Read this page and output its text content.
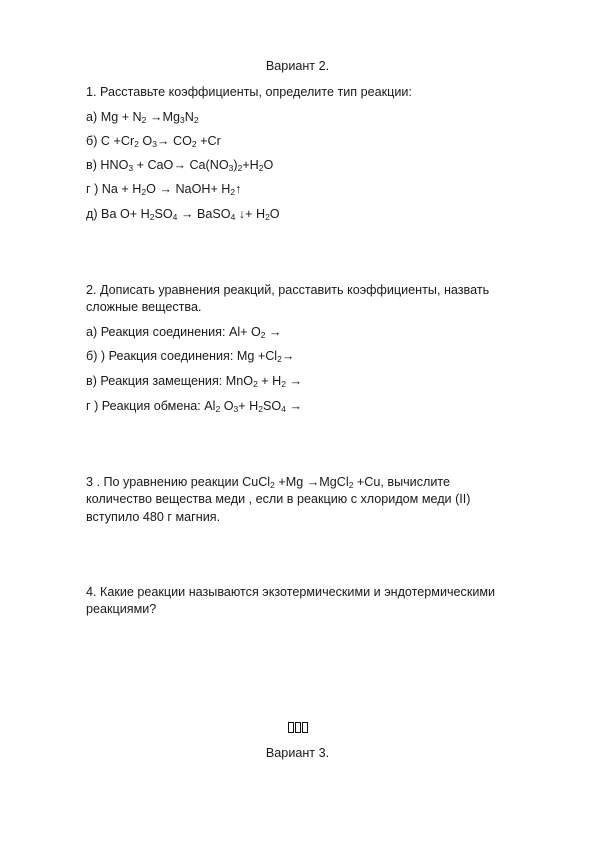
Вариант 2.
1. Расставьте коэффициенты, определите тип реакции:
а) $Mg + N_2 \to Mg_3N_2$
б) $C +Cr_2$ $O_3\to CO_2 +Cr$
в) $HNO_3 + CaO\to Ca(NO_3)_2+H_2O$
г ) $Na + H_2O$ → NaOH+ $H_2↑$
д) Ba $O+ H_2SO_4$ → BaSO$_4$ ↓+ $H_2O$
2. Дописать уравнения реакций, расставить коэффициенты, назвать
сложные вещества.
а) Реакция соединения: $Al+ O_2$ →
б) ) Реакция соединения: $Mg +Cl_2\to$
в) Реакция замещения: $MnO_2 + H_2$ →
г ) Реакция обмена: $Al_2$ $O_3+ H_2SO_4$ →
3 . По уравнению реакции CuCl$_2$ +Mg →MgCl$_2$ +Cu, вычислите
количество вещества меди , если в реакцию с хлоридом меди (II)
вступило 480 г магния.
4. Какие реакции называются экзотермическими и эндотермическими
реакциями?
Вариант 3.
